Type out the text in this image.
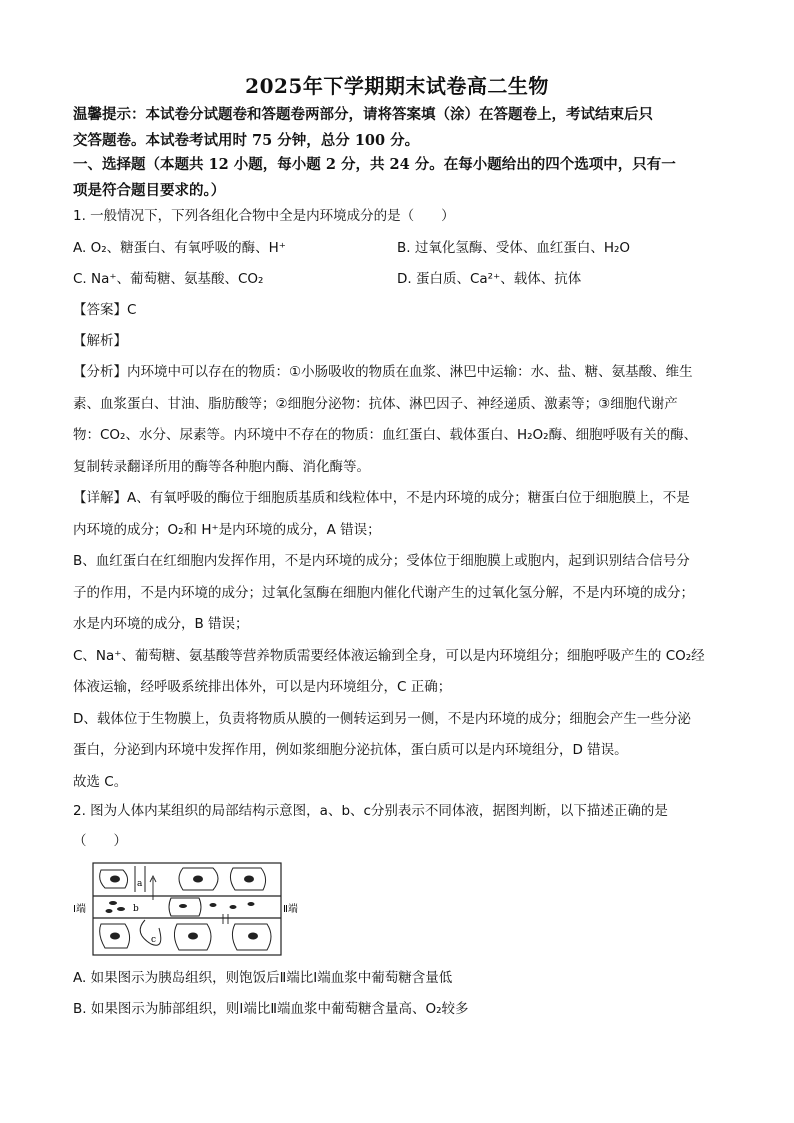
2025年下学期期末试卷高二生物
温馨提示：本试卷分试题卷和答题卷两部分，请将答案填（涂）在答题卷上，考试结束后只
交答题卷。本试卷考试用时 75 分钟，总分 100 分。
一、选择题（本题共 12 小题，每小题 2 分，共 24 分。在每小题给出的四个选项中，只有一
项是符合题目要求的。）
1. 一般情况下，下列各组化合物中全是内环境成分的是（　　）
A. O₂、糖蛋白、有氧呼吸的酶、H⁺	B. 过氧化氢酶、受体、血红蛋白、H₂O
C. Na⁺、葡萄糖、氨基酸、CO₂	D. 蛋白质、Ca²⁺、载体、抗体
【答案】C
【解析】
【分析】内环境中可以存在的物质：①小肠吸收的物质在血浆、淋巴中运输：水、盐、糖、氨基酸、维生
素、血浆蛋白、甘油、脂肪酸等；②细胞分泌物：抗体、淋巴因子、神经递质、激素等；③细胞代谢产
物：CO₂、水分、尿素等。内环境中不存在的物质：血红蛋白、载体蛋白、H₂O₂酶、细胞呼吸有关的酶、
复制转录翻译所用的酶等各种胞内酶、消化酶等。
【详解】A、有氧呼吸的酶位于细胞质基质和线粒体中，不是内环境的成分；糖蛋白位于细胞膜上，不是
内环境的成分；O₂和 H⁺是内环境的成分，A 错误；
B、血红蛋白在红细胞内发挥作用，不是内环境的成分；受体位于细胞膜上或胞内，起到识别结合信号分
子的作用，不是内环境的成分；过氧化氢酶在细胞内催化代谢产生的过氧化氢分解，不是内环境的成分；
水是内环境的成分，B 错误；
C、Na⁺、葡萄糖、氨基酸等营养物质需要经体液运输到全身，可以是内环境组分；细胞呼吸产生的 CO₂经
体液运输，经呼吸系统排出体外，可以是内环境组分，C 正确；
D、载体位于生物膜上，负责将物质从膜的一侧转运到另一侧，不是内环境的成分；细胞会产生一些分泌
蛋白，分泌到内环境中发挥作用，例如浆细胞分泌抗体，蛋白质可以是内环境组分，D 错误。
故选 C。
2. 图为人体内某组织的局部结构示意图，a、b、c分别表示不同体液，据图判断，以下描述正确的是
（　　）
Ⅰ端	Ⅱ端
a
b
c
A. 如果图示为胰岛组织，则饱饭后Ⅱ端比Ⅰ端血浆中葡萄糖含量低
B. 如果图示为肺部组织，则Ⅰ端比Ⅱ端血浆中葡萄糖含量高、O₂较多
